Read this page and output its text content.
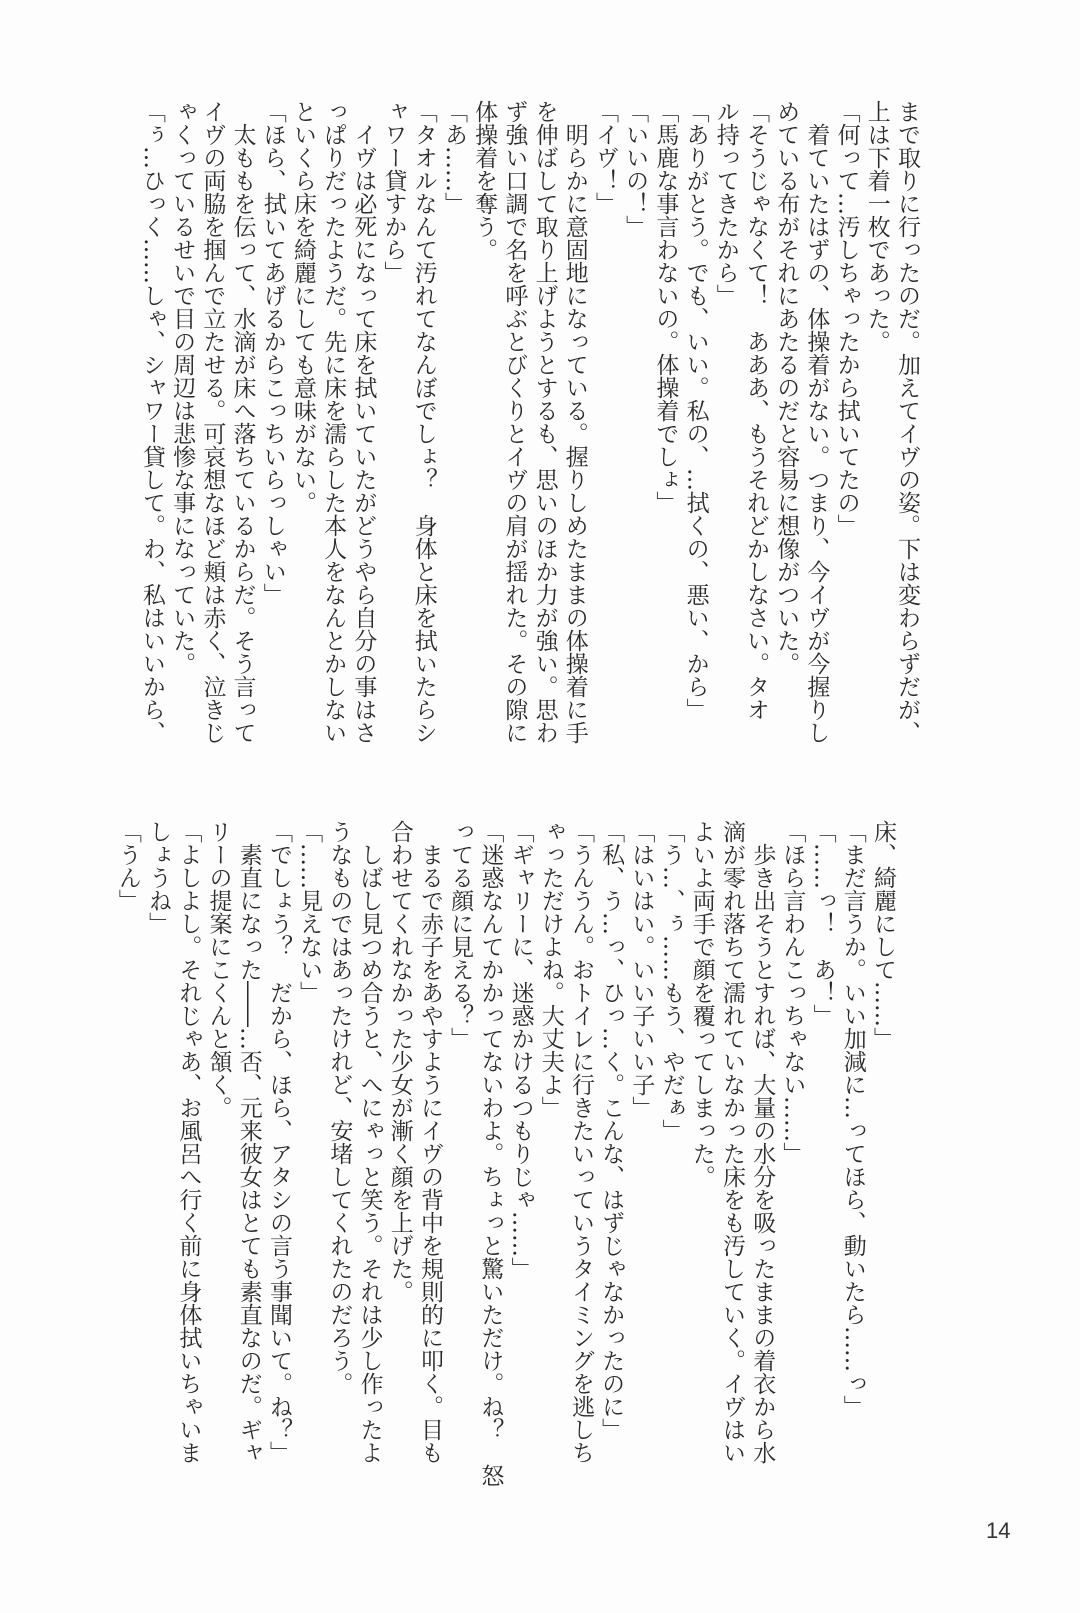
まで取りに行ったのだ。加えてイヴの姿。下は変わらずだが、
上は下着一枚であった。
「何って…汚しちゃったから拭いてたの」
　着ていたはずの、体操着がない。つまり、今イヴが今握りし
めている布がそれにあたるのだと容易に想像がついた。
「そうじゃなくて！　あああ、もうそれどかしなさい。タオ
ル持ってきたから」
「ありがとう。でも、いい。私の、…拭くの、悪い、から」
「馬鹿な事言わないの。体操着でしょ」
「いいの！」
「イヴ！」
　明らかに意固地になっている。握りしめたままの体操着に手
を伸ばして取り上げようとするも、思いのほか力が強い。思わ
ず強い口調で名を呼ぶとびくりとイヴの肩が揺れた。その隙に
体操着を奪う。
「あ……」
「タオルなんて汚れてなんぼでしょ？　身体と床を拭いたらシ
ャワー貸すから」
　イヴは必死になって床を拭いていたがどうやら自分の事はさ
っぱりだったようだ。先に床を濡らした本人をなんとかしない
といくら床を綺麗にしても意味がない。
「ほら、拭いてあげるからこっちいらっしゃい」
　太ももを伝って、水滴が床へ落ちているからだ。そう言って
イヴの両脇を掴んで立たせる。可哀想なほど頬は赤く、泣きじ
ゃくっているせいで目の周辺は悲惨な事になっていた。
「ぅ…ひっく……しゃ、シャワー貸して。わ、私はいいから、
床、綺麗にして……」
「まだ言うか。いい加減に…ってほら、動いたら……っ」
「……っ！　あ！」
「ほら言わんこっちゃない……」
　歩き出そうとすれば、大量の水分を吸ったままの着衣から水
滴が零れ落ちて濡れていなかった床をも汚していく。イヴはい
よいよ両手で顔を覆ってしまった。
「う…、ぅ……もう、やだぁ」
「はいはい。いい子いい子」
「私、う…っ、ひっ…く。こんな、はずじゃなかったのに」
「うんうん。おトイレに行きたいっていうタイミングを逃しち
ゃっただけよね。大丈夫よ」
「ギャリーに、迷惑かけるつもりじゃ……」
「迷惑なんてかかってないわよ。ちょっと驚いただけ。ね？　怒
ってる顔に見える？」
　まるで赤子をあやすようにイヴの背中を規則的に叩く。目も
合わせてくれなかった少女が漸く顔を上げた。
　しばし見つめ合うと、へにゃっと笑う。それは少し作ったよ
うなものではあったけれど、安堵してくれたのだろう。
「……見えない」
「でしょう？　だから、ほら、アタシの言う事聞いて。ね？」
　素直になった――…否、元来彼女はとても素直なのだ。ギャ
リーの提案にこくんと頷く。
「よしよし。それじゃあ、お風呂へ行く前に身体拭いちゃいま
しょうね」
「うん」
14
